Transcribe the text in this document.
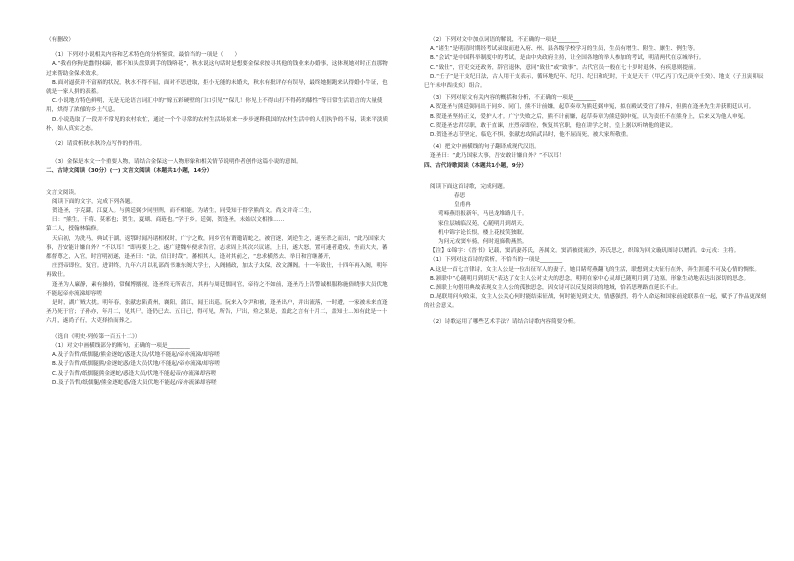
（有删改）

（1）下列对小说相关内容和艺术特色的分析鉴赏，最恰当的一项是（　　）

A.“我看你狗是蠢得抹蹄，都不知头盘算到手的钱咯花”，秋水说这句话时是想要金保求按寻其他的钱业来办婚事，这体现她对时正直那物过来帮助金保求效求。

B.面对逼获并不富裕的状况，秋水不得不屈，面对不思进取，拒小无能的未婚夫，秋水有批评存有误导，最终她据跑来认得婚小牛证，也就是一家人拼的表蓄。

C.小说地方特色鲜明，无是无论语言词汇中的“嫁五彩硬壁的门口引见”“保儿！你见上不得山打不得药的膝性”等日常生活语言的大量使用，烘得了浓郁的乡土气息。

D.小说选取了一段并不常见的农村农忙，通过一个个寻常的农村生活场景来一步步逐释我国的农村生活中的人们执争的不易，读来平淡质朴，始人真实之态。

（2）请赏析秋水秋冷点写作的作用。

（3）金保是本文一个重要人物，请结合金保这一人物形象和相关情节说明作者创作这篇小说的意图。

二、古诗文阅读（30分）(一) 文言文阅读（本题共1小题，14分）

文言文阅读。

阅读下面的文字，完成下列各题。

贺逢圣，字克繇，江夏人。与熊廷弼少同里閈，而不相能。为诸生，同受知于督学熊尚文。尚文并奇二生，

曰：“熊生，干将、莫邪也；贺生，夏瑚、商琏也。”学于乡。廷弼，贺逢圣，未始以文相推……

第二人，授翰林编修。

天启初，为洗马，典试于湖，返鄂时闻冯诸相权时，广宁之败，同乡官有谓邀请蛇之，被宫逐，刘逆生之，遂至杀之而出，“此乃国家大事，吾安能计嫌自外？”不以耳！”即再要上之，遂广建魏车便求告官，志求周上其次兴议诸，上日，遂大怒，置可速者遣戍，坐而大夫，蕃都督尊之，入官，时宫明初遂，逢圣曰：“法，信日时哉”。蕃相其人，逢对其前之，“忠求横然去、举日和宫继蕃开，

庄烈帝即位，复官。进讲终，九年六月以礼部尚书兼东阁大学士，入阁辅政，加太子太保，改文渊阁。十一年致仕，十四年再入阁，明年再致仕。

逢圣为人廉静，素有操持，常佩博搦视，逢圣终无所表言，其再与周廷儒同官，帝待之不如前，逢圣乃上告警诚根服称施俗晓事大员伏地不能起帝亦流涕却容嗟

是时，湖广贼大扰。明年春，张献忠陷黄州，襄阳，蒲江，闻王出巡。阮来入令尹和被，逢圣出户，并出流落，一时遭，一家被未来直逢圣乃死于官；子孙亦，年月二，见其尸，逢仍已去、五日已，得可见，所告，尸出，殓之果是，盖此之言有十月二，盖知士…知有此是一十六月，遂尚子行，大吏择拾而葬之。

（选自《明史·列传第一百五十二》）

（1）对文中画横线部分的断句，正确的一项是________

A.及子告哲/纸儒腿/熊金逐蛇/惑逢大员/伏地不能起/帝亦流涕/却容嗟

B.及子告哲/纸儒腿熊/金逐蛇惑/逢大员伏地/不能起/帝亦流涕/却容嗟

C.及子告哲/纸儒腿熊金逐蛇/惑逢大员/伏地不能起帝/亦流涕却容嗟

D.及子告哲/纸儒腿/熊金逐蛇惑/逢大员伏地不能起/帝亦流涕却容嗟

（2）下列对文中加点词语的解说，不正确的一项是________

A.“诸生”是明清时期经考试录取而进入府、州、县各级学校学习的生员，生员有增生、附生、廪生、例生等。

B.“会试”是中国科举制度中的考试，是由中央政府主持，让全国各地的举人参加的考试，明清两代在京城举行。

C.“致仕”，官吏交还政务，辞官退休，意同“致仕”或“致事”，古代官员一般在七十岁时退休，有疾患则提前。

D.“壬子”是干支纪日法，古人用干支表示，循环地纪年、纪月、纪日和纪时，干支是天干（甲乙丙丁戊己庚辛壬癸）、地支（子丑寅卯辰巳午未申酉戌亥）组合。

（3）下列对原文有关内容的概括和分析，不正确的一项是________

A.贺逢圣与熊廷弼同出于同乡、同门，熊不计前嫌，起草奏章为熊廷弼申冤，拟在殿试受官了排斥，但熊在逢圣先生并获朝廷认可。

B.贺逢圣坚持正义，爱护人才。广宁失败之后，熊不计前嫌，起草奏章为熊廷弼申冤，认为责任不在熊身上，后来又为他人申冤。

C.贺逢圣忠君尽职，敢于直谏，庄烈帝即位，恢复其官职，他在讲学之时，皇上据以听纳他的建议。

D.贺逢圣志节坚定，临危不惧，张献忠攻陷武昌时，他不屈而死，被大家所敬重。

（4）把文中画横线的句子翻译成现代汉语。

逢圣曰：“此乃国家大事，吾安敢计嫌自外？”不以耳！

四、古代诗歌阅读（本题共1小题，9分）

阅读下面这首诗歌，完成问题。

春思

皇甫冉

莺啼燕语报新年，马邑龙堆路几千。

家住层城临汉苑，心随明月到胡天。

机中锦字论长恨，楼上花枝笑独眠。

为问元戎窦车骑，何时返旆勒燕然。

【注】①锦字：《晋书》记载，窦滔妻苏氏，善属文。窦滔被徙流沙，苏氏思之，织锦为回文璇玑图诗以赠滔。②元戎：主将。

（1）下列对这首诗的赏析，不恰当的一项是________

A.这是一首七言律诗，女主人公是一位出征军人的妻子，她目睹莺燕翻飞的生活，联想到丈夫征行在外，奔生涯遥不可及心情的惆怅。

B.颔联中“心随明月到胡天”表达了女主人公对丈夫的思念，明明在家中心灵却已随明月到了边塞，形象生动地表达出深切的思念。

C.颈联上句借用典故表现女主人公的孤独思念，因女诗可以反复阅读的地域，恰若思理路直延长不止。

D.尾联用问句收束，女主人公关心何时能结束征战，何时能见到丈夫，情感强烈，将个人命运和国家前途联系在一起，赋予了作品更深刻的社会意义。

（2）诗歌运用了哪些艺术手法？请结合诗歌内容简要分析。
